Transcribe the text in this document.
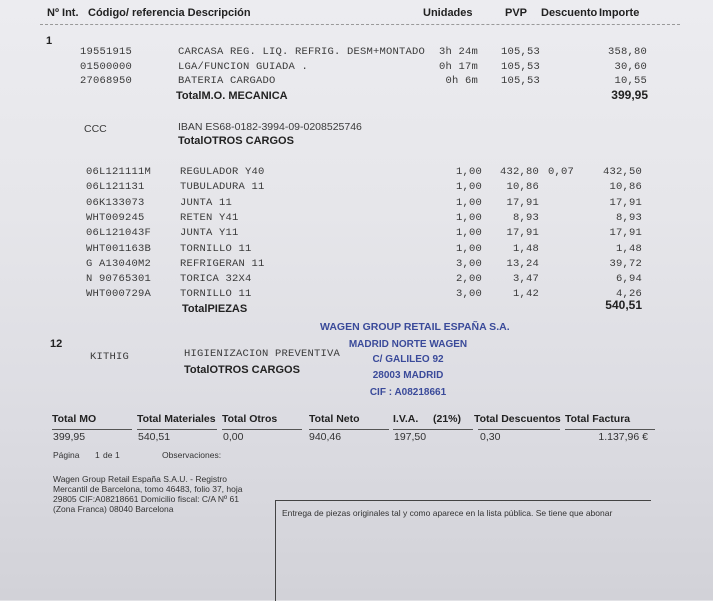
Nº Int. Código/ referencia Descripción	Unidades	PVP Descuento Importe
1
19551915	CARCASA REG. LIQ. REFRIG. DESM+MONTADO	3h 24m	105,53	358,80
01500000	LGA/FUNCION GUIADA .	0h 17m	105,53	30,60
27068950	BATERIA CARGADO	0h 6m	105,53	10,55
TotalM.O. MECANICA	399,95
CCC	IBAN ES68-0182-3994-09-0208525746
TotalOTROS CARGOS
06L121111M	REGULADOR Y40	1,00	432,80 0,07	432,50
06L121131	TUBULADURA 11	1,00	10,86	10,86
06K133073	JUNTA 11	1,00	17,91	17,91
WHT009245	RETEN Y41	1,00	8,93	8,93
06L121043F	JUNTA Y11	1,00	17,91	17,91
WHT001163B	TORNILLO 11	1,00	1,48	1,48
G A13040M2	REFRIGERAN 11	3,00	13,24	39,72
N 90765301	TORICA 32X4	2,00	3,47	6,94
WHT000729A	TORNILLO 11	3,00	1,42	4,26
TotalPIEZAS	540,51
WAGEN GROUP RETAIL ESPAÑA S.A.
MADRID NORTE WAGEN
C/ GALILEO 92
28003 MADRID
CIF : A08218661
12
KITHIG	HIGIENIZACION PREVENTIVA
TotalOTROS CARGOS
Total MO	Total Materiales Total Otros	Total Neto	I.V.A. (21%) Total Descuentos Total Factura
399,95	540,51	0,00	940,46	197,50	0,30	1.137,96 €
Página 1 de 1	Observaciones:
Wagen Group Retail España S.A.U. - Registro
Mercantil de Barcelona, tomo 46483, folio 37, hoja
29805 CIF:A08218661 Domicilio fiscal: C/A Nº 61
(Zona Franca) 08040 Barcelona	Entrega de piezas originales tal y como aparece en la lista pública. Se tiene que abonar
